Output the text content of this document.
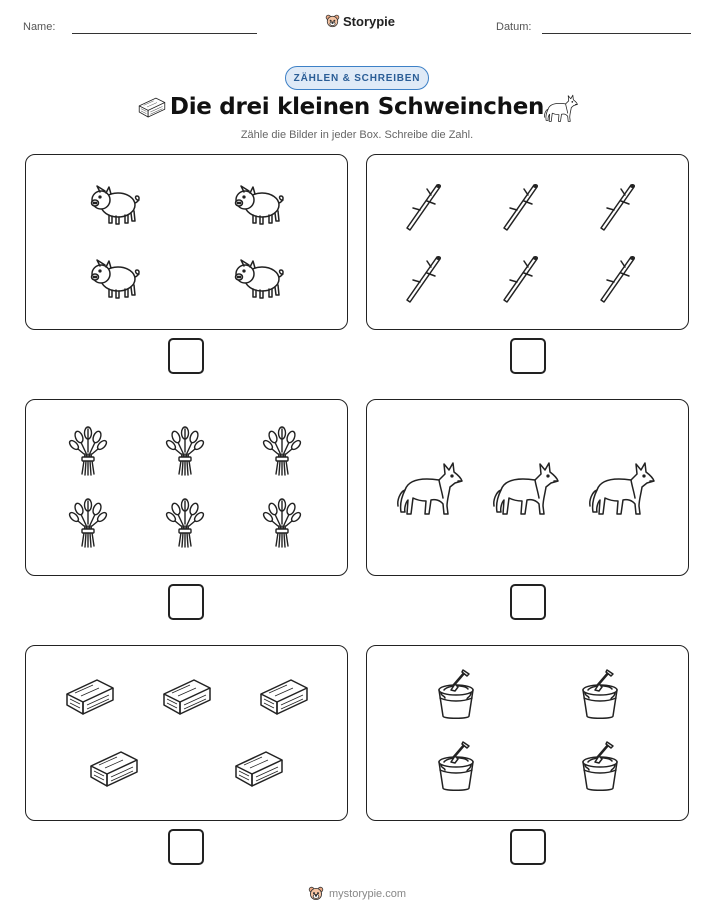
Name:	Storypie	Datum:
ZÄHLEN & SCHREIBEN
Die drei kleinen Schweinchen
Zähle die Bilder in jeder Box. Schreibe die Zahl.
mystorypie.com
